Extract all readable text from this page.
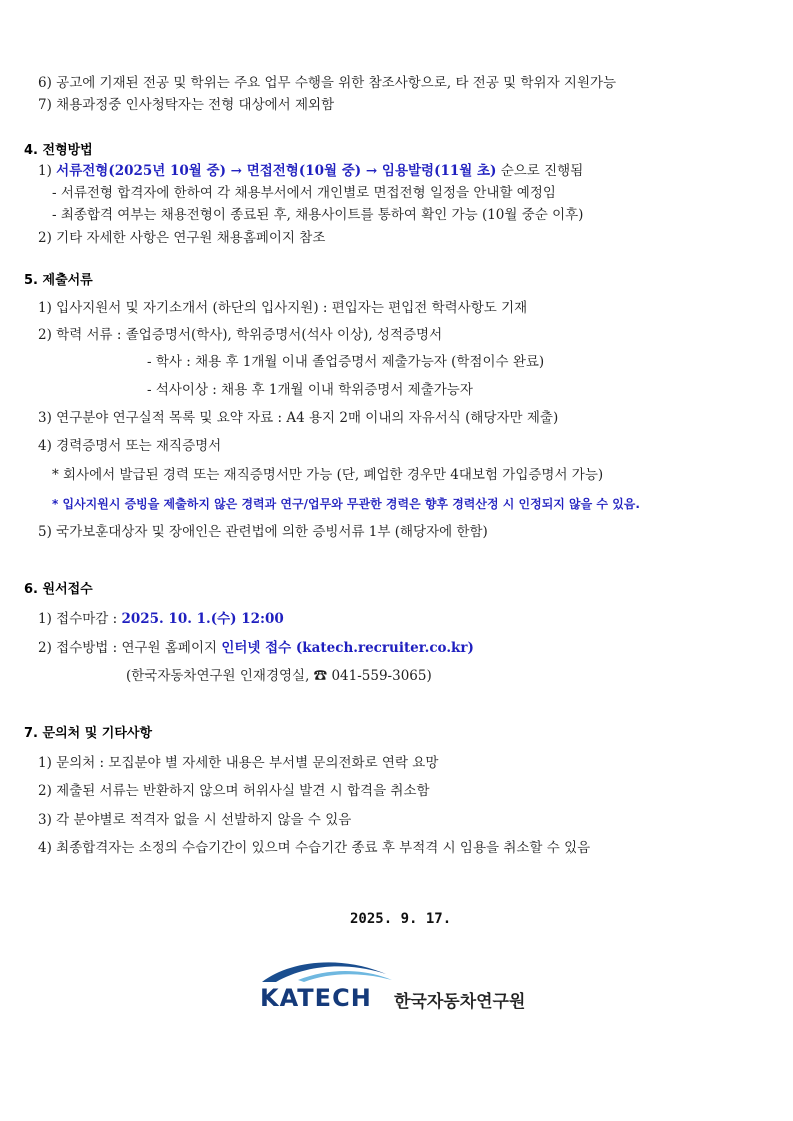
6) 공고에 기재된 전공 및 학위는 주요 업무 수행을 위한 참조사항으로, 타 전공 및 학위자 지원가능
7) 채용과정중 인사청탁자는 전형 대상에서 제외함
4. 전형방법
1) 서류전형(2025년 10월 중) → 면접전형(10월 중) → 임용발령(11월 초) 순으로 진행됨
- 서류전형 합격자에 한하여 각 채용부서에서 개인별로 면접전형 일정을 안내할 예정임
- 최종합격 여부는 채용전형이 종료된 후, 채용사이트를 통하여 확인 가능 (10월 중순 이후)
2) 기타 자세한 사항은 연구원 채용홈페이지 참조
5. 제출서류
1) 입사지원서 및 자기소개서 (하단의 입사지원) : 편입자는 편입전 학력사항도 기재
2) 학력 서류 : 졸업증명서(학사), 학위증명서(석사 이상), 성적증명서
- 학사 : 채용 후 1개월 이내 졸업증명서 제출가능자 (학점이수 완료)
- 석사이상 : 채용 후 1개월 이내 학위증명서 제출가능자
3) 연구분야 연구실적 목록 및 요약 자료 : A4 용지 2매 이내의 자유서식 (해당자만 제출)
4) 경력증명서 또는 재직증명서
* 회사에서 발급된 경력 또는 재직증명서만 가능 (단, 폐업한 경우만 4대보험 가입증명서 가능)
* 입사지원시 증빙을 제출하지 않은 경력과 연구/업무와 무관한 경력은 향후 경력산정 시 인정되지 않을 수 있음.
5) 국가보훈대상자 및 장애인은 관련법에 의한 증빙서류 1부 (해당자에 한함)
6. 원서접수
1) 접수마감 : 2025. 10. 1.(수) 12:00
2) 접수방법 : 연구원 홈페이지 인터넷 접수 (katech.recruiter.co.kr)
(한국자동차연구원 인재경영실, ☎ 041-559-3065)
7. 문의처 및 기타사항
1) 문의처 : 모집분야 별 자세한 내용은 부서별 문의전화로 연락 요망
2) 제출된 서류는 반환하지 않으며 허위사실 발견 시 합격을 취소함
3) 각 분야별로 적격자 없을 시 선발하지 않을 수 있음
4) 최종합격자는 소정의 수습기간이 있으며 수습기간 종료 후 부적격 시 임용을 취소할 수 있음
2025. 9. 17.
KATECH 한국자동차연구원
